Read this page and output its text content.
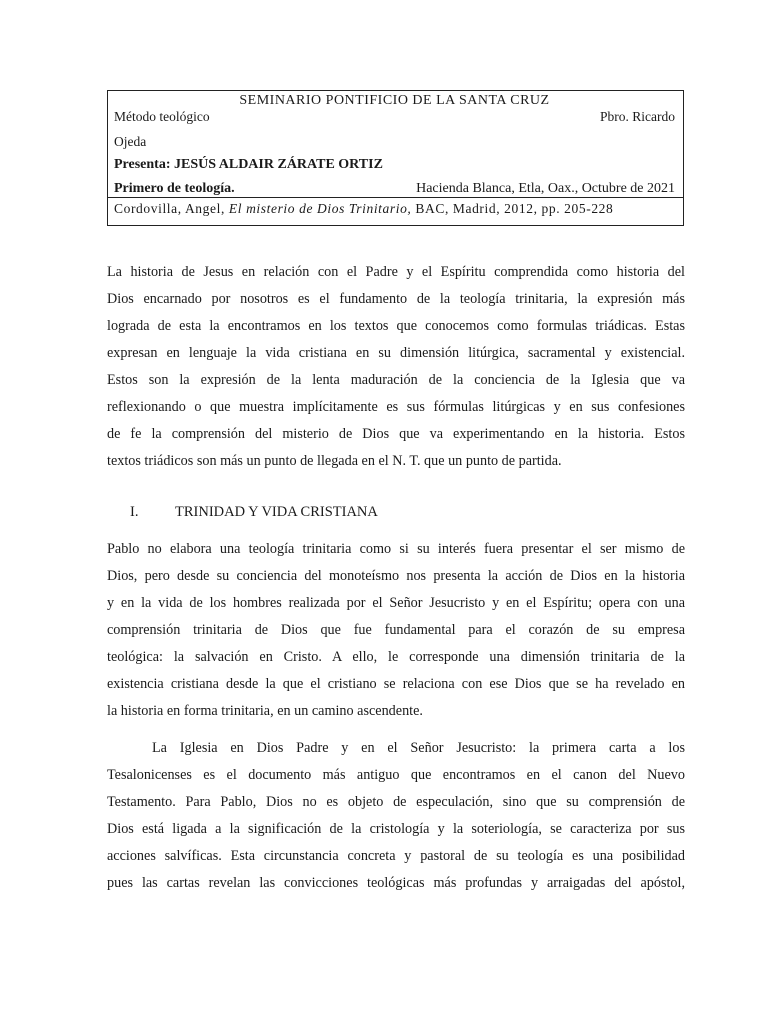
SEMINARIO PONTIFICIO DE LA SANTA CRUZ
Método teológico	Pbro. Ricardo
Ojeda
Presenta: JESÚS ALDAIR ZÁRATE ORTIZ
Primero de teología.	Hacienda Blanca, Etla, Oax., Octubre de 2021
Cordovilla, Angel, El misterio de Dios Trinitario, BAC, Madrid, 2012, pp. 205-228
La historia de Jesus en relación con el Padre y el Espíritu comprendida como historia del
Dios encarnado por nosotros es el fundamento de la teología trinitaria, la expresión más
lograda de esta la encontramos en los textos que conocemos como formulas triádicas. Estas
expresan en lenguaje la vida cristiana en su dimensión litúrgica, sacramental y existencial.
Estos son la expresión de la lenta maduración de la conciencia de la Iglesia que va
reflexionando o que muestra implícitamente es sus fórmulas litúrgicas y en sus confesiones
de fe la comprensión del misterio de Dios que va experimentando en la historia. Estos
textos triádicos son más un punto de llegada en el N. T. que un punto de partida.
I.	TRINIDAD Y VIDA CRISTIANA
Pablo no elabora una teología trinitaria como si su interés fuera presentar el ser mismo de
Dios, pero desde su conciencia del monoteísmo nos presenta la acción de Dios en la historia
y en la vida de los hombres realizada por el Señor Jesucristo y en el Espíritu; opera con una
comprensión trinitaria de Dios que fue fundamental para el corazón de su empresa
teológica: la salvación en Cristo. A ello, le corresponde una dimensión trinitaria de la
existencia cristiana desde la que el cristiano se relaciona con ese Dios que se ha revelado en
la historia en forma trinitaria, en un camino ascendente.
La Iglesia en Dios Padre y en el Señor Jesucristo: la primera carta a los
Tesalonicenses es el documento más antiguo que encontramos en el canon del Nuevo
Testamento. Para Pablo, Dios no es objeto de especulación, sino que su comprensión de
Dios está ligada a la significación de la cristología y la soteriología, se caracteriza por sus
acciones salvíficas. Esta circunstancia concreta y pastoral de su teología es una posibilidad
pues las cartas revelan las convicciones teológicas más profundas y arraigadas del apóstol,
